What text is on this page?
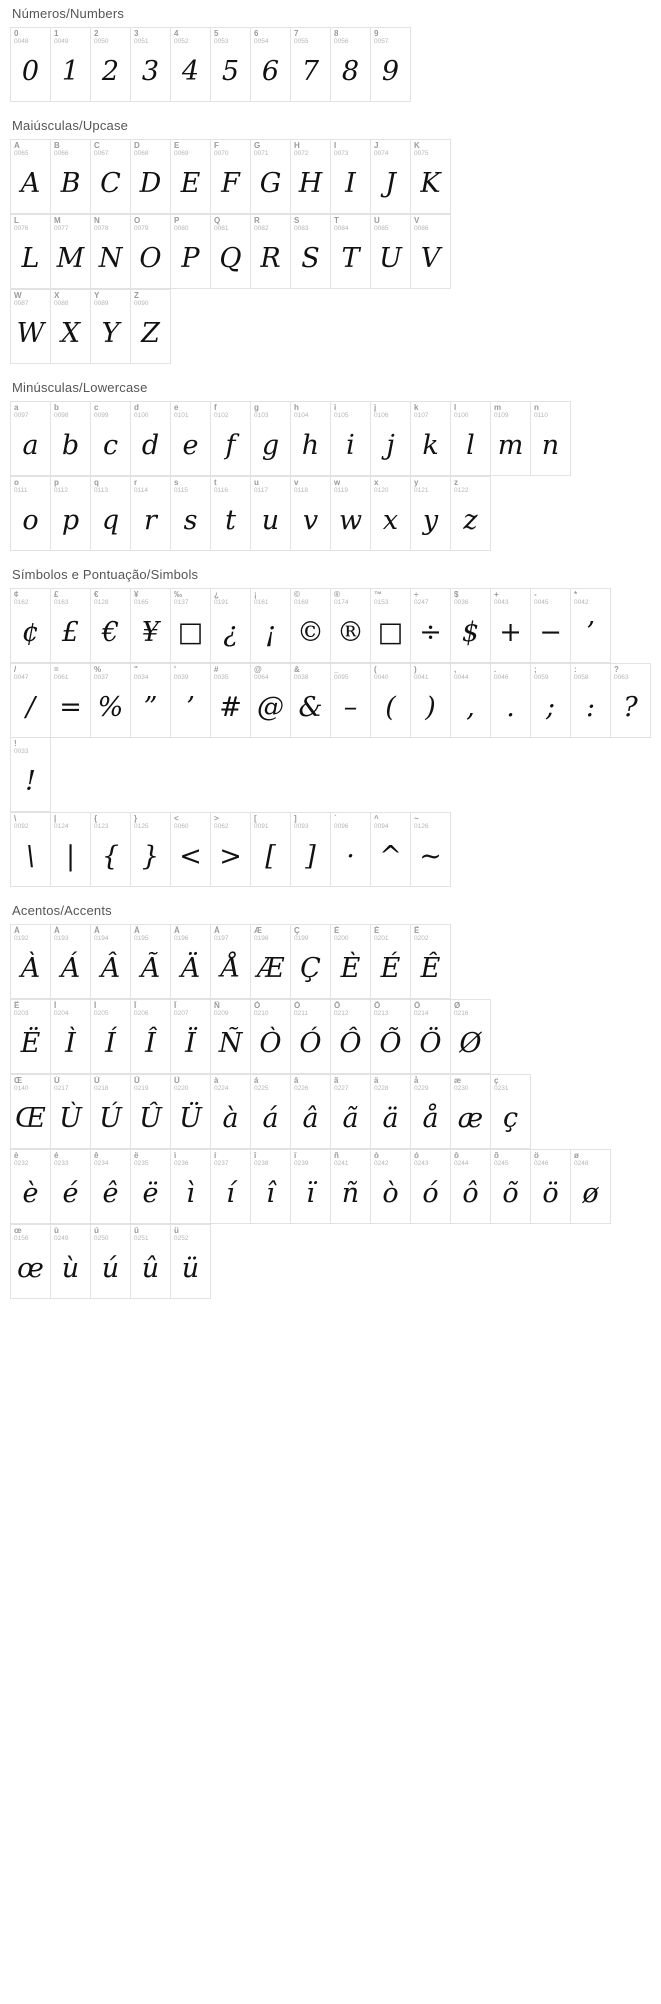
Números/Numbers
0
0048
0
1
0049
1
2
0050
2
3
0051
3
4
0052
4
5
0053
5
6
0054
6
7
0055
7
8
0056
8
9
0057
9
Maiúsculas/Upcase
A
0065
A
B
0066
B
C
0067
C
D
0068
D
E
0069
E
F
0070
F
G
0071
G
H
0072
H
I
0073
I
J
0074
J
K
0075
K
L
0076
L
M
0077
M
N
0078
N
O
0079
O
P
0080
P
Q
0081
Q
R
0082
R
S
0083
S
T
0084
T
U
0085
U
V
0086
V
W
0087
W
X
0088
X
Y
0089
Y
Z
0090
Z
Minúsculas/Lowercase
a
0097
a
b
0098
b
c
0099
c
d
0100
d
e
0101
e
f
0102
f
g
0103
g
h
0104
h
i
0105
i
j
0106
j
k
0107
k
l
0100
l
m
0109
m
n
0110
n
o
0111
o
p
0112
p
q
0113
q
r
0114
r
s
0115
s
t
0116
t
u
0117
u
v
0118
v
w
0119
w
x
0120
x
y
0121
y
z
0122
z
Símbolos e Pontuação/Simbols
¢
0162
¢
£
0163
£
€
0128
€
¥
0165
¥
‰
0137
□
¿
0191
¿
¡
0161
¡
©
0169
©
®
0174
®
™
0153
□
÷
0247
÷
$
0036
$
+
0043
+
-
0045
−
*
0042
’
/
0047
/
=
0061
=
%
0037
%
"
0034
”
'
0039
’
#
0035
#
@
0064
@
&
0038
&
_
0095
–
(
0040
(
)
0041
)
,
0044
,
.
0046
.
;
0059
;
:
0058
:
?
0063
?
!
0033
!
\
0092
\
|
0124
|
{
0123
{
}
0125
}
<
0060
<
>
0062
>
[
0091
[
]
0093
]
`
0096
·
^
0094
^
~
0126
~
Acentos/Accents
À
0192
À
Á
0193
Á
Â
0194
Â
Ã
0195
Ã
Ä
0196
Ä
Å
0197
Å
Æ
0198
Æ
Ç
0199
Ç
È
0200
È
É
0201
É
Ê
0202
Ê
Ë
0203
Ë
Ì
0204
Ì
Í
0205
Í
Î
0206
Î
Ï
0207
Ï
Ñ
0209
Ñ
Ò
0210
Ò
Ó
0211
Ó
Ô
0212
Ô
Õ
0213
Õ
Ö
0214
Ö
Ø
0216
Ø
Œ
0140
Œ
Ù
0217
Ù
Ú
0218
Ú
Û
0219
Û
Ü
0220
Ü
à
0224
à
á
0225
á
â
0226
â
ã
0227
ã
ä
0228
ä
å
0229
å
æ
0230
æ
ç
0231
ç
è
0232
è
é
0233
é
ê
0234
ê
ë
0235
ë
ì
0236
ì
í
0237
í
î
0238
î
ï
0239
ï
ñ
0241
ñ
ò
0242
ò
ó
0243
ó
ô
0244
ô
õ
0245
õ
ö
0246
ö
ø
0248
ø
œ
0156
œ
ù
0249
ù
ú
0250
ú
û
0251
û
ü
0252
ü
